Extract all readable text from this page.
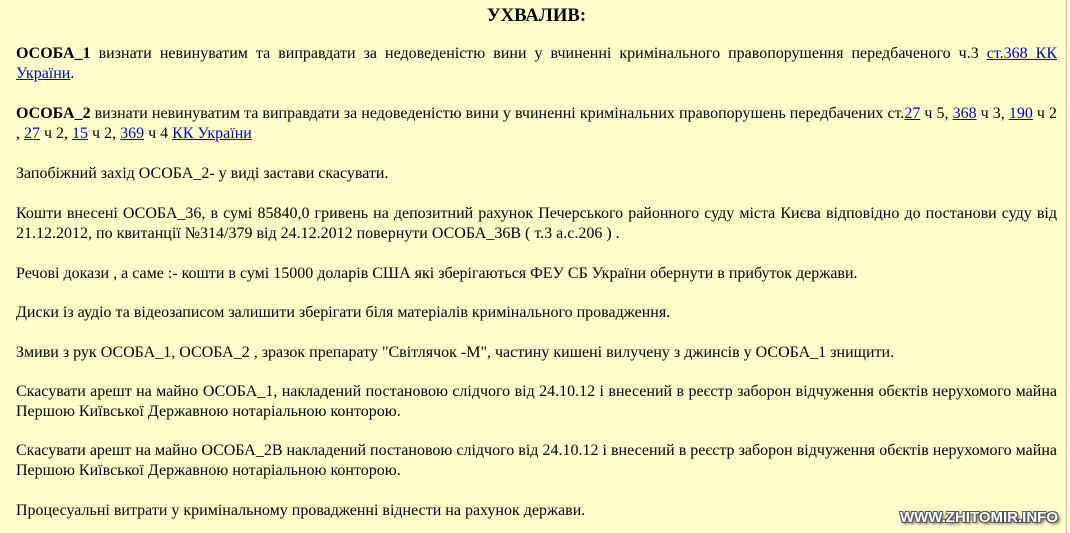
УХВАЛИВ:

ОСОБА_1 визнати невинуватим та виправдати за недоведеністю вини у вчиненні кримінального правопорушення передбаченого ч.3 ст.368 КК України.

ОСОБА_2 визнати невинуватим та виправдати за недоведеністю вини у вчиненні кримінальних правопорушень передбачених ст.27 ч 5, 368 ч 3, 190 ч 2 , 27 ч 2, 15 ч 2, 369 ч 4 КК України

Запобіжний захід ОСОБА_2- у виді застави скасувати.

Кошти внесені ОСОБА_36, в сумі 85840,0 гривень на депозитний рахунок Печерського районного суду міста Києва відповідно до постанови суду від 21.12.2012, по квитанції №314/379 від 24.12.2012 повернути ОСОБА_36В ( т.3 а.с.206 ) .

Речові докази , а саме :- кошти в сумі 15000 доларів США які зберігаються ФЕУ СБ України обернути в прибуток держави.

Диски із аудіо та відеозаписом залишити зберігати біля матеріалів кримінального провадження.

Змиви з рук ОСОБА_1, ОСОБА_2 , зразок препарату "Світлячок -М", частину кишені вилучену з джинсів у ОСОБА_1 знищити.

Скасувати арешт на майно ОСОБА_1, накладений постановою слідчого від 24.10.12 і внесений в реєстр заборон відчуження обєктів нерухомого майна Першою Київської Державною нотаріальною конторою.

Скасувати арешт на майно ОСОБА_2В накладений постановою слідчого від 24.10.12 і внесений в реєстр заборон відчуження обєктів нерухомого майна Першою Київської Державною нотаріальною конторою.

Процесуальні витрати у кримінальному провадженні віднести на рахунок держави.	WWW.ZHITOMIR.INFO
